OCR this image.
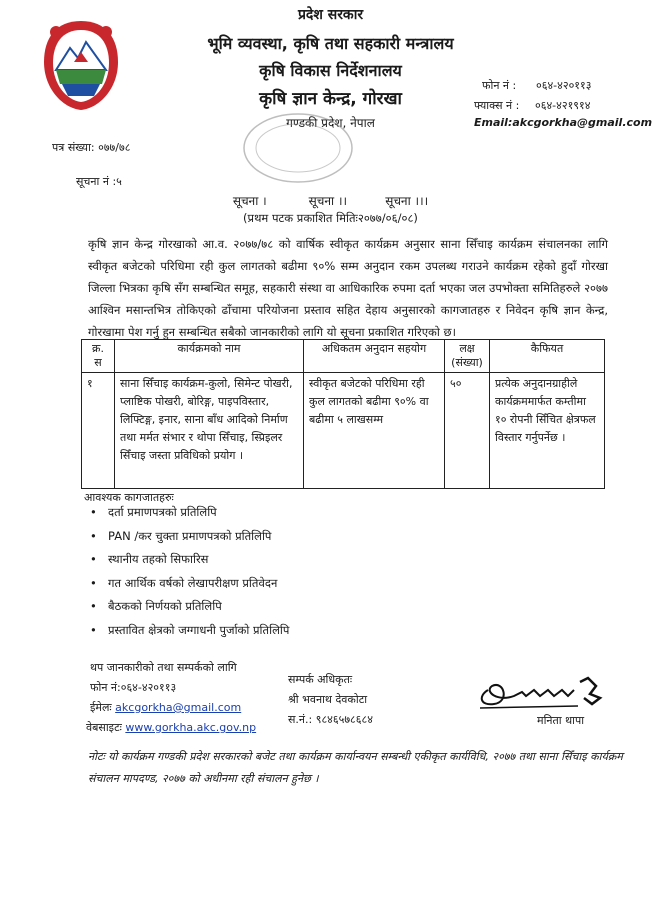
प्रदेश सरकार
भूमि व्यवस्था, कृषि तथा सहकारी मन्त्रालय
कृषि विकास निर्देशनालय
कृषि ज्ञान केन्द्र, गोरखा
गण्डकी प्रदेश, नेपाल
फोन नं : ०६४-४२०११३
फ्याक्स नं : ०६४-४२१९१४
Email:akcgorkha@gmail.com
पत्र संख्या: ०७७/७८
सूचना नं :५
सूचना ।           सूचना ।।          सूचना ।।।
(प्रथम पटक प्रकाशित मितिः२०७७/०६/०८)
कृषि ज्ञान केन्द्र गोरखाको आ.व. २०७७/७८ को वार्षिक स्वीकृत कार्यक्रम अनुसार साना सिँचाइ कार्यक्रम संचालनका लागि स्वीकृत बजेटको परिधिमा रही कुल लागतको बढीमा ९०% सम्म अनुदान रकम उपलब्ध गराउने कार्यक्रम रहेको हुदाँ गोरखा जिल्ला भित्रका कृषि सँग सम्बन्धित समूह, सहकारी संस्था वा आधिकारिक रुपमा दर्ता भएका जल उपभोक्ता समितिहरुले २०७७ आश्विन मसान्तभित्र तोकिएको ढाँचामा परियोजना प्रस्ताव सहित देहाय अनुसारको कागजातहरु र निवेदन कृषि ज्ञान केन्द्र, गोरखामा पेश गर्नु हुन सम्बन्धित सबैको जानकारीको लागि यो सूचना प्रकाशित गरिएको छ।
क्र. स	कार्यक्रमको नाम	अधिकतम अनुदान सहयोग	लक्ष (संख्या)	कैफियत
१	साना सिँचाइ कार्यक्रम-कुलो, सिमेन्ट पोखरी, प्लाष्टिक पोखरी, बोरिङ्ग, पाइपविस्तार, लिफ्टिङ्ग, इनार, साना बाँध आदिको निर्माण तथा मर्मत संभार र थोपा सिँचाइ, स्प्रिइलर सिँचाइ जस्ता प्रविधिको प्रयोग ।	स्वीकृत बजेटको परिधिमा रही कुल लागतको बढीमा ९०% वा बढीमा ५ लाखसम्म	५०	प्रत्येक अनुदानग्राहीले कार्यक्रममार्फत कम्तीमा १० रोपनी सिँचित क्षेत्रफल विस्तार गर्नुपर्नेछ ।
आवश्यक कागजातहरुः
• दर्ता प्रमाणपत्रको प्रतिलिपि
• PAN /कर चुक्ता प्रमाणपत्रको प्रतिलिपि
• स्थानीय तहको सिफारिस
• गत आर्थिक वर्षको लेखापरीक्षण प्रतिवेदन
• बैठकको निर्णयको प्रतिलिपि
• प्रस्तावित क्षेत्रको जग्गाधनी पुर्जाको प्रतिलिपि
थप जानकारीको तथा सम्पर्कको लागि
फोन नं:०६४-४२०११३
ईमेलः akcgorkha@gmail.com
वेबसाइटः www.gorkha.akc.gov.np
सम्पर्क अधिकृतः
श्री भवनाथ देवकोटा
स.नं.: ९८४६५७८६८४	मनिता थापा
नोटः यो कार्यक्रम गण्डकी प्रदेश सरकारको बजेट तथा कार्यक्रम कार्यान्वयन सम्बन्धी एकीकृत कार्यविधि, २०७७ तथा साना सिँचाइ कार्यक्रम संचालन मापदण्ड, २०७७ को अधीनमा रही संचालन हुनेछ ।
